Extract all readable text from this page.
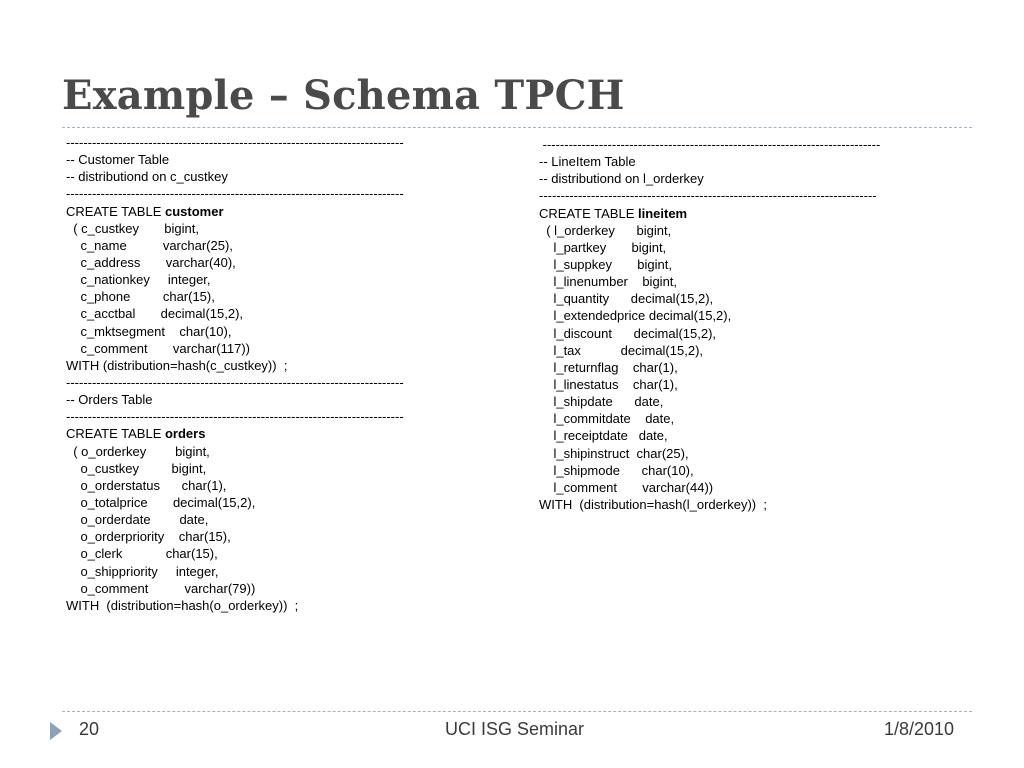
Example – Schema TPCH
------------------------------------------------------------------------------
-- Customer Table
-- distributiond on c_custkey
------------------------------------------------------------------------------
CREATE TABLE customer
( c_custkey       bigint,
c_name          varchar(25),
c_address       varchar(40),
c_nationkey     integer,
c_phone         char(15),
c_acctbal       decimal(15,2),
c_mktsegment    char(10),
c_comment       varchar(117))
WITH (distribution=hash(c_custkey))  ;
------------------------------------------------------------------------------
-- Orders Table
------------------------------------------------------------------------------
CREATE TABLE orders
( o_orderkey        bigint,
o_custkey         bigint,
o_orderstatus      char(1),
o_totalprice       decimal(15,2),
o_orderdate        date,
o_orderpriority    char(15),
o_clerk            char(15),
o_shippriority     integer,
o_comment          varchar(79))
WITH  (distribution=hash(o_orderkey))  ;
------------------------------------------------------------------------------
-- LineItem Table
-- distributiond on l_orderkey
------------------------------------------------------------------------------
CREATE TABLE lineitem
( l_orderkey      bigint,
l_partkey       bigint,
l_suppkey       bigint,
l_linenumber    bigint,
l_quantity      decimal(15,2),
l_extendedprice decimal(15,2),
l_discount      decimal(15,2),
l_tax           decimal(15,2),
l_returnflag    char(1),
l_linestatus    char(1),
l_shipdate      date,
l_commitdate    date,
l_receiptdate   date,
l_shipinstruct  char(25),
l_shipmode      char(10),
l_comment       varchar(44))
WITH  (distribution=hash(l_orderkey))  ;
20	UCI ISG Seminar	1/8/2010
